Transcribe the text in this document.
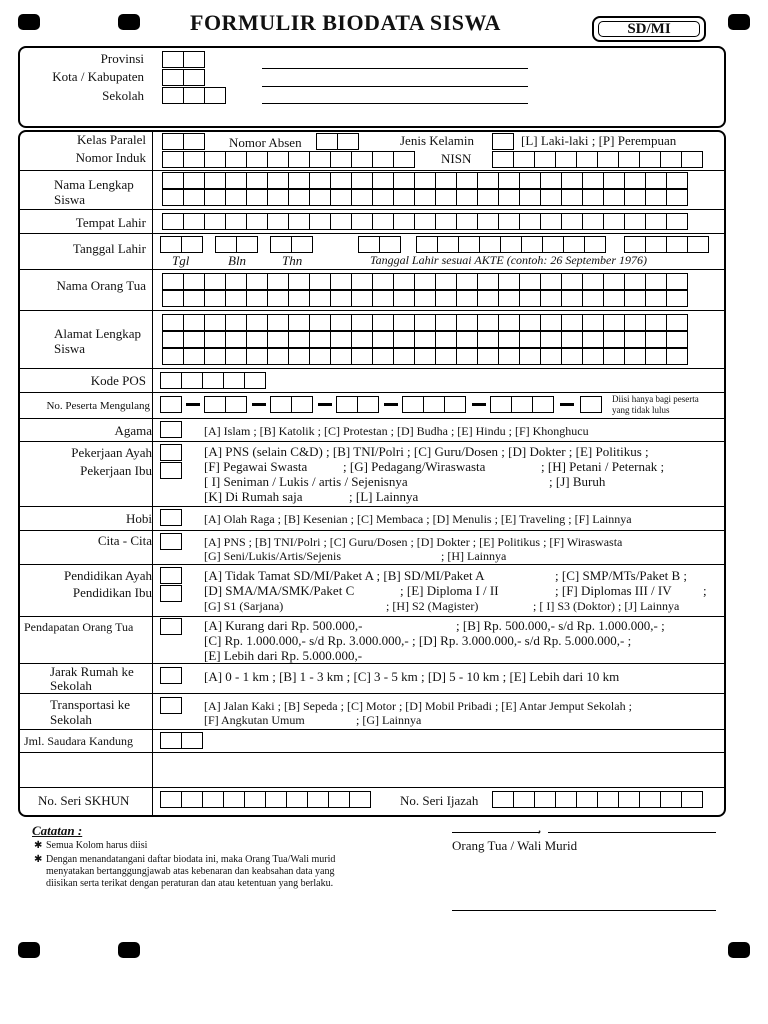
FORMULIR BIODATA SISWA	SD/MI
Provinsi
Kota / Kabupaten
Sekolah
Kelas Paralel
Nomor Induk
Nomor Absen	Jenis Kelamin	[L] Laki-laki ; [P] Perempuan
NISN
Nama Lengkap
Siswa
Tempat Lahir
Tanggal Lahir
Tgl	Bln	Thn	Tanggal Lahir sesuai AKTE (contoh: 26 September 1976)
Nama Orang Tua
Alamat Lengkap
Siswa
Kode POS
No. Peserta Mengulang
Diisi hanya bagi peserta
yang tidak lulus
Agama	[A] Islam ; [B] Katolik ; [C] Protestan ; [D] Budha ; [E] Hindu ; [F] Khonghucu
Pekerjaan Ayah
Pekerjaan Ibu
[A] PNS (selain C&D) ; [B] TNI/Polri ; [C] Guru/Dosen ; [D] Dokter ; [E] Politikus ;
[F] Pegawai Swasta	; [G] Pedagang/Wiraswasta	; [H] Petani / Peternak ;
[ I] Seniman / Lukis / artis / Sejenisnya	; [J] Buruh
[K] Di Rumah saja	; [L] Lainnya
Hobi	[A] Olah Raga ; [B] Kesenian ; [C] Membaca ; [D] Menulis ; [E] Traveling ; [F] Lainnya
Cita - Cita	[A] PNS ; [B] TNI/Polri ; [C] Guru/Dosen ; [D] Dokter ; [E] Politikus ; [F] Wiraswasta
[G] Seni/Lukis/Artis/Sejenis	; [H] Lainnya
Pendidikan Ayah
Pendidikan Ibu
[A] Tidak Tamat SD/MI/Paket A ; [B] SD/MI/Paket A	; [C] SMP/MTs/Paket B ;
[D] SMA/MA/SMK/Paket C	; [E] Diploma I / II	; [F] Diplomas III / IV ;
[G] S1 (Sarjana)	; [H] S2 (Magister)	; [ I] S3 (Doktor) ; [J] Lainnya
Pendapatan Orang Tua	[A] Kurang dari Rp. 500.000,-	; [B] Rp. 500.000,- s/d Rp. 1.000.000,- ;
[C] Rp. 1.000.000,- s/d Rp. 3.000.000,- ; [D] Rp. 3.000.000,- s/d Rp. 5.000.000,- ;
[E] Lebih dari Rp. 5.000.000,-
Jarak Rumah ke
Sekolah
[A] 0 - 1 km ; [B] 1 - 3 km ; [C] 3 - 5 km ; [D] 5 - 10 km ; [E] Lebih dari 10 km
Transportasi ke
Sekolah
[A] Jalan Kaki ; [B] Sepeda ; [C] Motor ; [D] Mobil Pribadi ; [E] Antar Jemput Sekolah ;
[F] Angkutan Umum	; [G] Lainnya
Jml. Saudara Kandung
No. Seri SKHUN	No. Seri Ijazah
Catatan :
✱ Semua Kolom harus diisi
✱ Dengan menandatangani daftar biodata ini, maka Orang Tua/Wali murid
menyatakan bertanggungjawab atas kebenaran dan keabsahan data yang
diisikan serta terikat dengan peraturan dan atau ketentuan yang berlaku.
,
Orang Tua / Wali Murid
